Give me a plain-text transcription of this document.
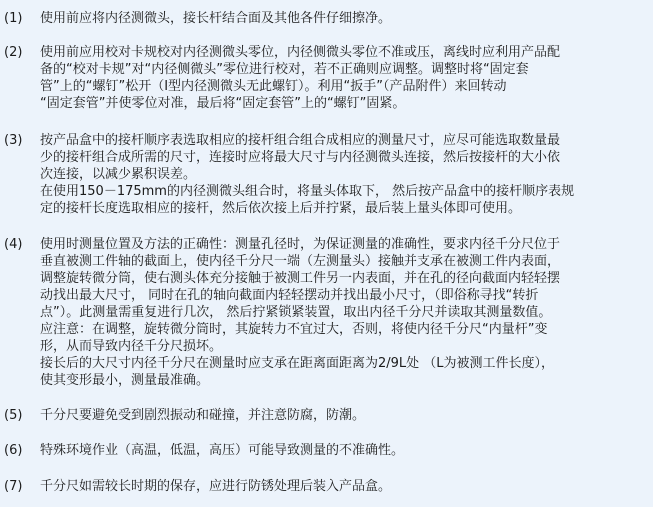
(1) 使用前应将内径测微头，接长杆结合面及其他各件仔细擦净。
(2) 使用前应用校对卡规校对内径测微头零位，内径侧微头零位不准或压，离线时应利用产品配
备的“校对卡规”对“内径侧微头”零位进行校对，若不正确则应调整。调整时将“固定套
管”上的“螺钉”松开（I型内径测微头无此螺钉）。利用“扳手”（产品附件）来回转动
“固定套管”并使零位对准，最后将“固定套管”上的“螺钉”固紧。
(3) 按产品盒中的接杆顺序表选取相应的接杆组合组合成相应的测量尺寸，应尽可能选取数量最
少的接杆组合成所需的尺寸，连接时应将最大尺寸与内径测微头连接，然后按接杆的大小依
次连接，以减少累积误差。
在使用150－175mm的内径测微头组合时，将量头体取下， 然后按产品盒中的接杆顺序表规
定的接杆长度选取相应的接杆，然后依次接上后并拧紧，最后装上量头体即可使用。
(4) 使用时测量位置及方法的正确性：测量孔径时，为保证测量的准确性，要求内径千分尺位于
垂直被测工件轴的截面上，使内径千分尺一端（左测量头）接触并支承在被测工件内表面，
调整旋转微分筒，使右测头体充分接触于被测工件另一内表面，并在孔的径向截面内轻轻摆
动找出最大尺寸， 同时在孔的轴向截面内轻轻摆动并找出最小尺寸，（即俗称寻找“转折
点”）。此测量需重复进行几次， 然后拧紧锁紧装置，取出内径千分尺并读取其测量数值。
应注意：在调整，旋转微分筒时，其旋转力不宜过大，否则，将使内径千分尺“内量杆”变
形，从而导致内径千分尺损坏。
接长后的大尺寸内径千分尺在测量时应支承在距离面距离为2/9L处 （L为被测工件长度），
使其变形最小，测量最准确。
(5) 千分尺要避免受到剧烈振动和碰撞，并注意防腐，防潮。
(6) 特殊环境作业（高温，低温，高压）可能导致测量的不准确性。
(7) 千分尺如需较长时期的保存，应进行防锈处理后装入产品盒。
